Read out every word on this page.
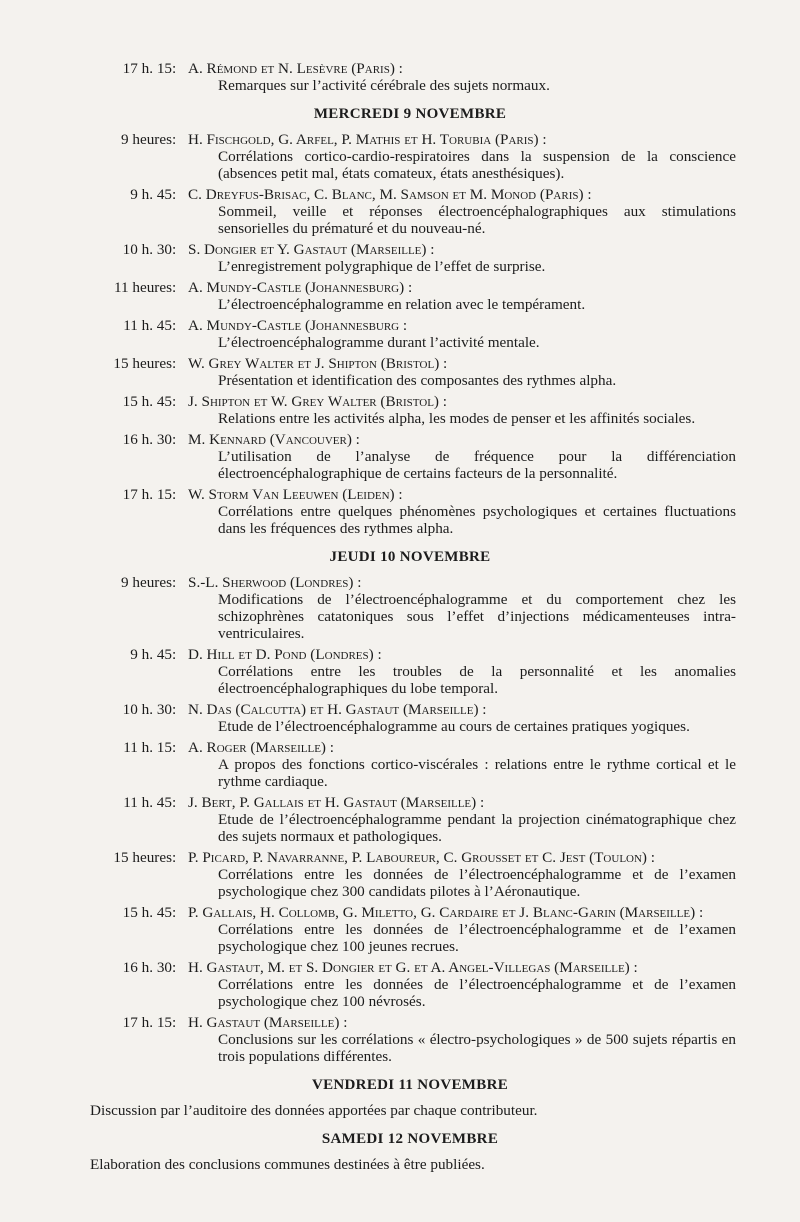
17 h. 15 : A. Rémond et N. Lesèvre (Paris) :
Remarques sur l’activité cérébrale des sujets normaux.
MERCREDI 9 NOVEMBRE
9 heures : H. Fischgold, G. Arfel, P. Mathis et H. Torubia (Paris) :
Corrélations cortico-cardio-respiratoires dans la suspension de la conscience (absences petit mal, états comateux, états anesthésiques).
9 h. 45 : C. Dreyfus-Brisac, C. Blanc, M. Samson et M. Monod (Paris) :
Sommeil, veille et réponses électroencéphalographiques aux stimulations sensorielles du prématuré et du nouveau-né.
10 h. 30 : S. Dongier et Y. Gastaut (Marseille) :
L’enregistrement polygraphique de l’effet de surprise.
11 heures : A. Mundy-Castle (Johannesburg) :
L’électroencéphalogramme en relation avec le tempérament.
11 h. 45 : A. Mundy-Castle (Johannesburg :
L’électroencéphalogramme durant l’activité mentale.
15 heures : W. Grey Walter et J. Shipton (Bristol) :
Présentation et identification des composantes des rythmes alpha.
15 h. 45 : J. Shipton et W. Grey Walter (Bristol) :
Relations entre les activités alpha, les modes de penser et les affinités sociales.
16 h. 30 : M. Kennard (Vancouver) :
L’utilisation de l’analyse de fréquence pour la différenciation électroencéphalographique de certains facteurs de la personnalité.
17 h. 15 : W. Storm Van Leeuwen (Leiden) :
Corrélations entre quelques phénomènes psychologiques et certaines fluctuations dans les fréquences des rythmes alpha.
JEUDI 10 NOVEMBRE
9 heures : S.-L. Sherwood (Londres) :
Modifications de l’électroencéphalogramme et du comportement chez les schizophrènes catatoniques sous l’effet d’injections médicamenteuses intra-ventriculaires.
9 h. 45 : D. Hill et D. Pond (Londres) :
Corrélations entre les troubles de la personnalité et les anomalies électroencéphalographiques du lobe temporal.
10 h. 30 : N. Das (Calcutta) et H. Gastaut (Marseille) :
Etude de l’électroencéphalogramme au cours de certaines pratiques yogiques.
11 h. 15 : A. Roger (Marseille) :
A propos des fonctions cortico-viscérales : relations entre le rythme cortical et le rythme cardiaque.
11 h. 45 : J. Bert, P. Gallais et H. Gastaut (Marseille) :
Etude de l’électroencéphalogramme pendant la projection cinématographique chez des sujets normaux et pathologiques.
15 heures : P. Picard, P. Navarranne, P. Laboureur, C. Grousset et C. Jest (Toulon) :
Corrélations entre les données de l’électroencéphalogramme et de l’examen psychologique chez 300 candidats pilotes à l’Aéronautique.
15 h. 45 : P. Gallais, H. Collomb, G. Miletto, G. Cardaire et J. Blanc-Garin (Marseille) :
Corrélations entre les données de l’électroencéphalogramme et de l’examen psychologique chez 100 jeunes recrues.
16 h. 30 : H. Gastaut, M. et S. Dongier et G. et A. Angel-Villegas (Marseille) :
Corrélations entre les données de l’électroencéphalogramme et de l’examen psychologique chez 100 névrosés.
17 h. 15 : H. Gastaut (Marseille) :
Conclusions sur les corrélations « électro-psychologiques » de 500 sujets répartis en trois populations différentes.
VENDREDI 11 NOVEMBRE
Discussion par l’auditoire des données apportées par chaque contributeur.
SAMEDI 12 NOVEMBRE
Elaboration des conclusions communes destinées à être publiées.
